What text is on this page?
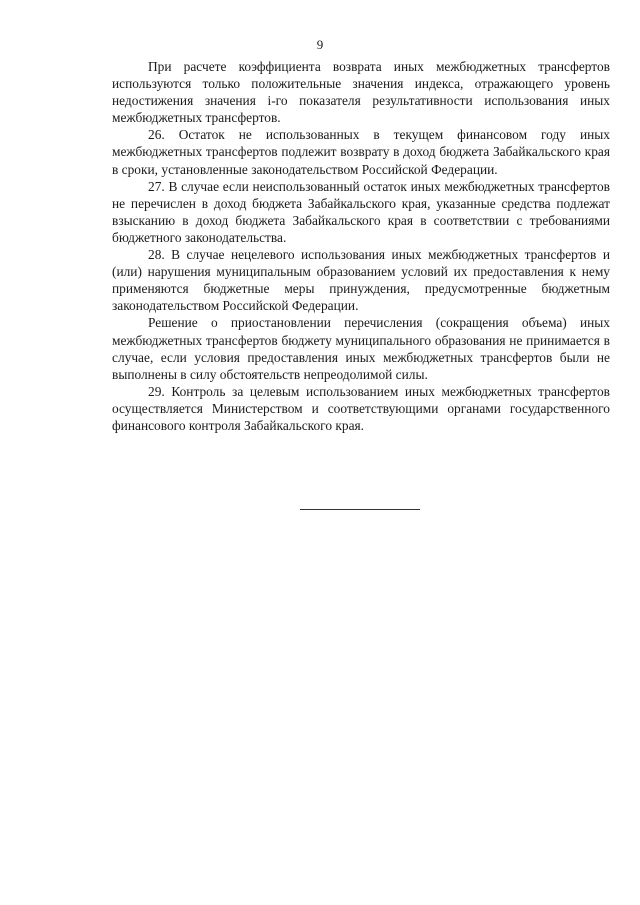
9

При расчете коэффициента возврата иных межбюджетных трансфертов используются только положительные значения индекса, отражающего уровень недостижения значения i-го показателя результативности использования иных межбюджетных трансфертов.

26. Остаток не использованных в текущем финансовом году иных межбюджетных трансфертов подлежит возврату в доход бюджета Забайкальского края в сроки, установленные законодательством Российской Федерации.

27. В случае если неиспользованный остаток иных межбюджетных трансфертов не перечислен в доход бюджета Забайкальского края, указанные средства подлежат взысканию в доход бюджета Забайкальского края в соответствии с требованиями бюджетного законодательства.

28. В случае нецелевого использования иных межбюджетных трансфертов и (или) нарушения муниципальным образованием условий их предоставления к нему применяются бюджетные меры принуждения, предусмотренные бюджетным законодательством Российской Федерации.

Решение о приостановлении перечисления (сокращения объема) иных межбюджетных трансфертов бюджету муниципального образования не принимается в случае, если условия предоставления иных межбюджетных трансфертов были не выполнены в силу обстоятельств непреодолимой силы.

29. Контроль за целевым использованием иных межбюджетных трансфертов осуществляется Министерством и соответствующими органами государственного финансового контроля Забайкальского края.
